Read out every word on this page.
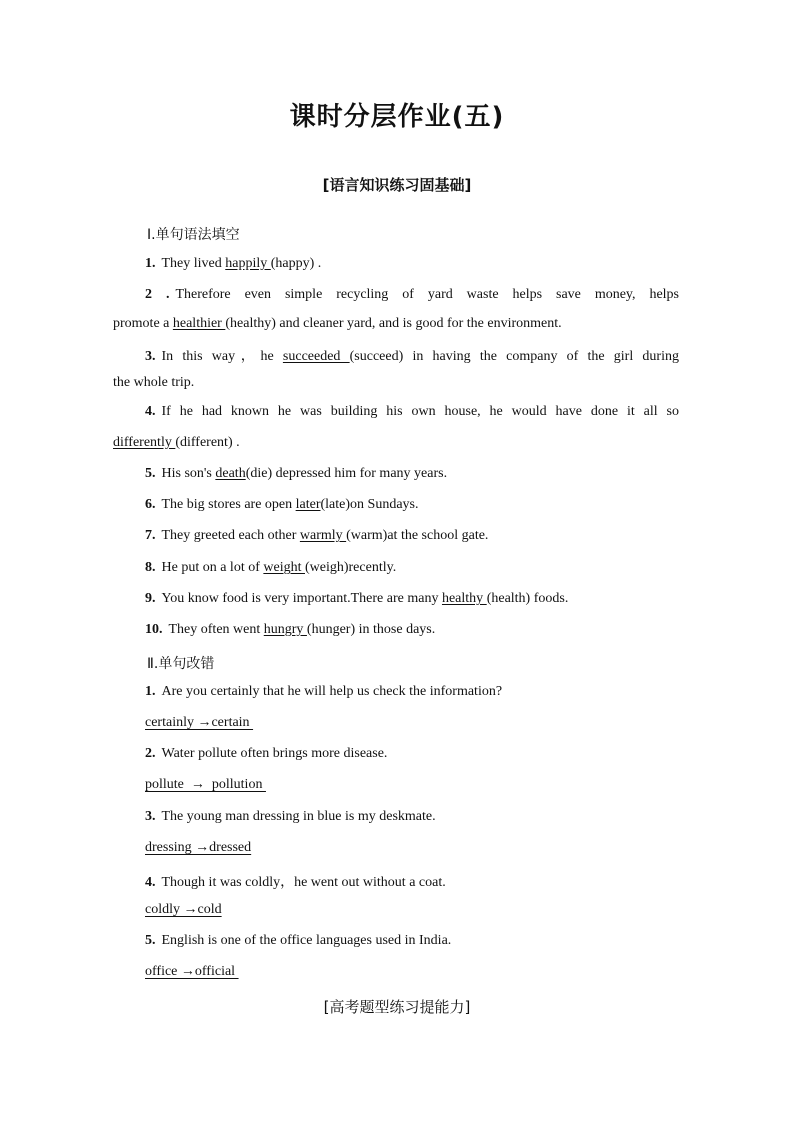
课时分层作业(五)
[语言知识练习固基础]
Ⅰ.单句语法填空
1. They lived happily (happy) .
2 . Therefore even simple recycling of yard waste helps save money, helps
promote a healthier (healthy) and cleaner yard, and is good for the environment.
3. In this way，he succeeded (succeed) in having the company of the girl during
the whole trip.
4. If he had known he was building his own house, he would have done it all so
differently (different) .
5. His son's death(die) depressed him for many years.
6. The big stores are open later(late)on Sundays.
7. They greeted each other warmly (warm)at the school gate.
8. He put on a lot of weight (weigh)recently.
9. You know food is very important.There are many healthy (health) foods.
10. They often went hungry (hunger) in those days.
Ⅱ.单句改错
1. Are you certainly that he will help us check the information?
certainly →certain
2. Water pollute often brings more disease.
pollute  →  pollution
3. The young man dressing in blue is my deskmate.
dressing →dressed
4. Though it was coldly，he went out without a coat.
coldly →cold
5. English is one of the office languages used in India.
office →official
[高考题型练习提能力]
